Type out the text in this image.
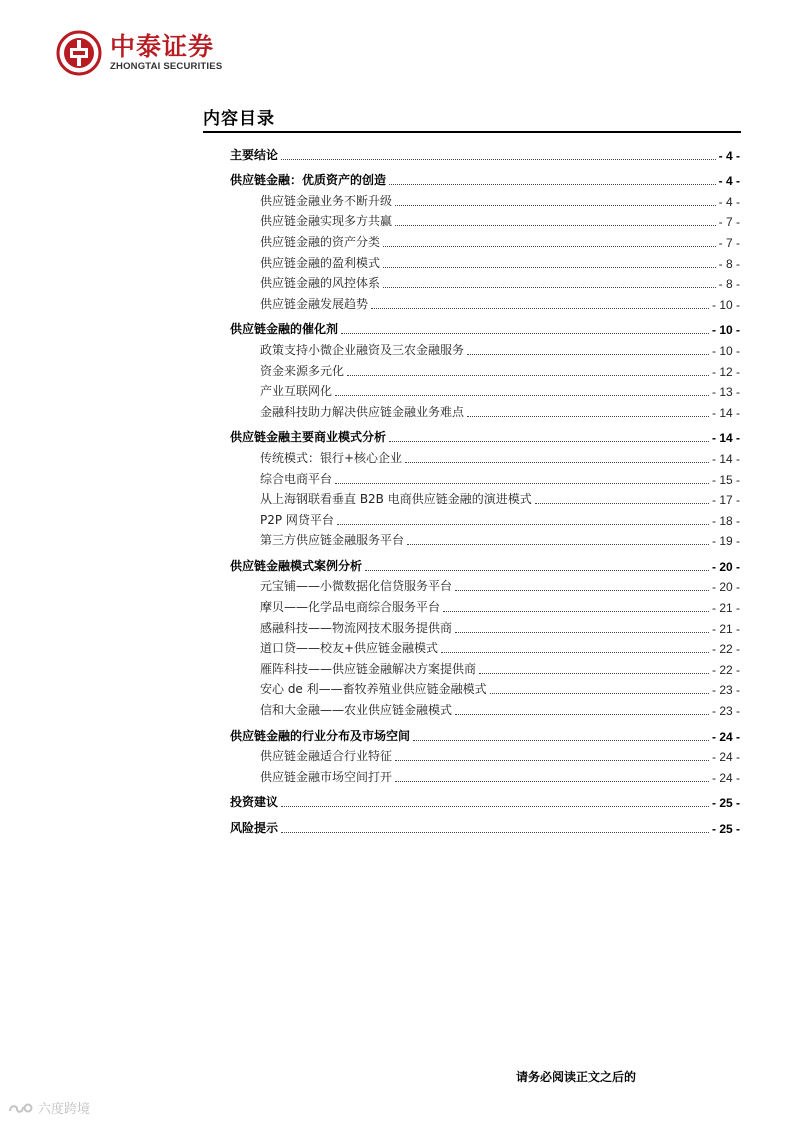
中泰证券
ZHONGTAI SECURITIES
内容目录
主要结论	- 4 -
供应链金融：优质资产的创造	- 4 -
供应链金融业务不断升级	- 4 -
供应链金融实现多方共赢	- 7 -
供应链金融的资产分类	- 7 -
供应链金融的盈利模式	- 8 -
供应链金融的风控体系	- 8 -
供应链金融发展趋势	- 10 -
供应链金融的催化剂	- 10 -
政策支持小微企业融资及三农金融服务	- 10 -
资金来源多元化	- 12 -
产业互联网化	- 13 -
金融科技助力解决供应链金融业务难点	- 14 -
供应链金融主要商业模式分析	- 14 -
传统模式：银行+核心企业	- 14 -
综合电商平台	- 15 -
从上海钢联看垂直 B2B 电商供应链金融的演进模式	- 17 -
P2P 网贷平台	- 18 -
第三方供应链金融服务平台	- 19 -
供应链金融模式案例分析	- 20 -
元宝铺——小微数据化信贷服务平台	- 20 -
摩贝——化学品电商综合服务平台	- 21 -
感融科技——物流网技术服务提供商	- 21 -
道口贷——校友+供应链金融模式	- 22 -
雁阵科技——供应链金融解决方案提供商	- 22 -
安心 de 利——畜牧养殖业供应链金融模式	- 23 -
信和大金融——农业供应链金融模式	- 23 -
供应链金融的行业分布及市场空间	- 24 -
供应链金融适合行业特征	- 24 -
供应链金融市场空间打开	- 24 -
投资建议	- 25 -
风险提示	- 25 -
请务必阅读正文之后的
六度跨境
